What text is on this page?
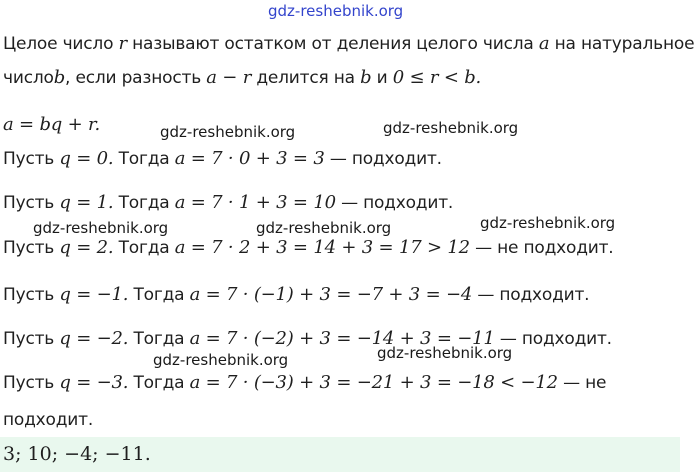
gdz-reshebnik.org
Целое число r называют остатком от деления целого числа a на натуральное
числоb, если разность a − r делится на b и 0 ≤ r < b.
a = bq + r.	gdz-reshebnik.org	gdz-reshebnik.org
Пусть q = 0. Тогда a = 7 · 0 + 3 = 3 — подходит.
Пусть q = 1. Тогда a = 7 · 1 + 3 = 10 — подходит.
gdz-reshebnik.org	gdz-reshebnik.org	gdz-reshebnik.org
Пусть q = 2. Тогда a = 7 · 2 + 3 = 14 + 3 = 17 > 12 — не подходит.
Пусть q = −1. Тогда a = 7 · (−1) + 3 = −7 + 3 = −4 — подходит.
Пусть q = −2. Тогда a = 7 · (−2) + 3 = −14 + 3 = −11 — подходит.
gdz-reshebnik.org	gdz-reshebnik.org
Пусть q = −3. Тогда a = 7 · (−3) + 3 = −21 + 3 = −18 < −12 — не
подходит.
3; 10; −4; −11.
